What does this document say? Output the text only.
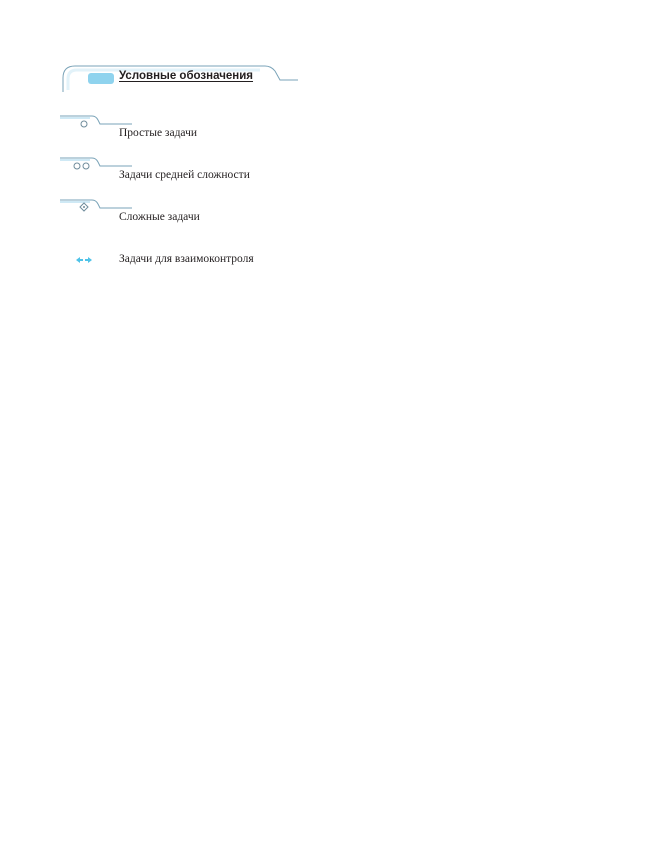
Условные обозначения
Простые задачи
Задачи средней сложности
Сложные задачи
Задачи для взаимоконтроля
